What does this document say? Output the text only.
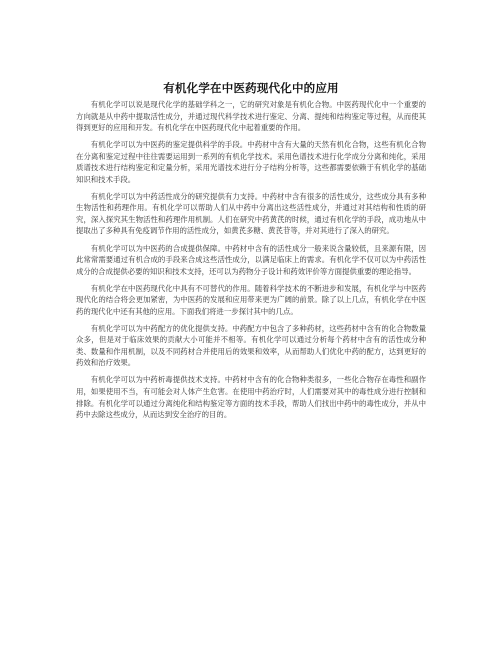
有机化学在中医药现代化中的应用

有机化学可以说是现代化学的基础学科之一，它的研究对象是有机化合物。中医药现代化中一个重要的方向就是从中药中提取活性成分，并通过现代科学技术进行鉴定、分离、提纯和结构鉴定等过程，从而使其得到更好的应用和开发。有机化学在中医药现代化中起着重要的作用。

有机化学可以为中医药的鉴定提供科学的手段。中药材中含有大量的天然有机化合物，这些有机化合物在分离和鉴定过程中往往需要运用到一系列的有机化学技术。采用色谱技术进行化学成分分离和纯化，采用质谱技术进行结构鉴定和定量分析，采用光谱技术进行分子结构分析等，这些都需要依赖于有机化学的基础知识和技术手段。

有机化学可以为中药活性成分的研究提供有力支持。中药材中含有很多的活性成分，这些成分具有多种生物活性和药理作用。有机化学可以帮助人们从中药中分离出这些活性成分，并通过对其结构和性质的研究，深入探究其生物活性和药理作用机制。人们在研究中药黄芪的时候，通过有机化学的手段，成功地从中提取出了多种具有免疫调节作用的活性成分，如黄芪多糖、黄芪苷等，并对其进行了深入的研究。

有机化学可以为中医药的合成提供保障。中药材中含有的活性成分一般来说含量较低，且来源有限，因此常常需要通过有机合成的手段来合成这些活性成分，以满足临床上的需求。有机化学不仅可以为中药活性成分的合成提供必要的知识和技术支持，还可以为药物分子设计和药效评价等方面提供重要的理论指导。

有机化学在中医药现代化中具有不可替代的作用。随着科学技术的不断进步和发展，有机化学与中医药现代化的结合将会更加紧密，为中医药的发展和应用带来更为广阔的前景。除了以上几点，有机化学在中医药的现代化中还有其他的应用。下面我们将进一步探讨其中的几点。

有机化学可以为中药配方的优化提供支持。中药配方中包含了多种药材，这些药材中含有的化合物数量众多，但是对于临床效果的贡献大小可能并不相等。有机化学可以通过分析每个药材中含有的活性成分种类、数量和作用机制，以及不同药材合并使用后的效果和效率，从而帮助人们优化中药的配方，达到更好的药效和治疗效果。

有机化学可以为中药析毒提供技术支持。中药材中含有的化合物种类很多，一些化合物存在毒性和副作用，如果使用不当，有可能会对人体产生危害。在使用中药治疗时，人们需要对其中的毒性成分进行控制和排除。有机化学可以通过分离纯化和结构鉴定等方面的技术手段，帮助人们找出中药中的毒性成分，并从中药中去除这些成分，从而达到安全治疗的目的。
